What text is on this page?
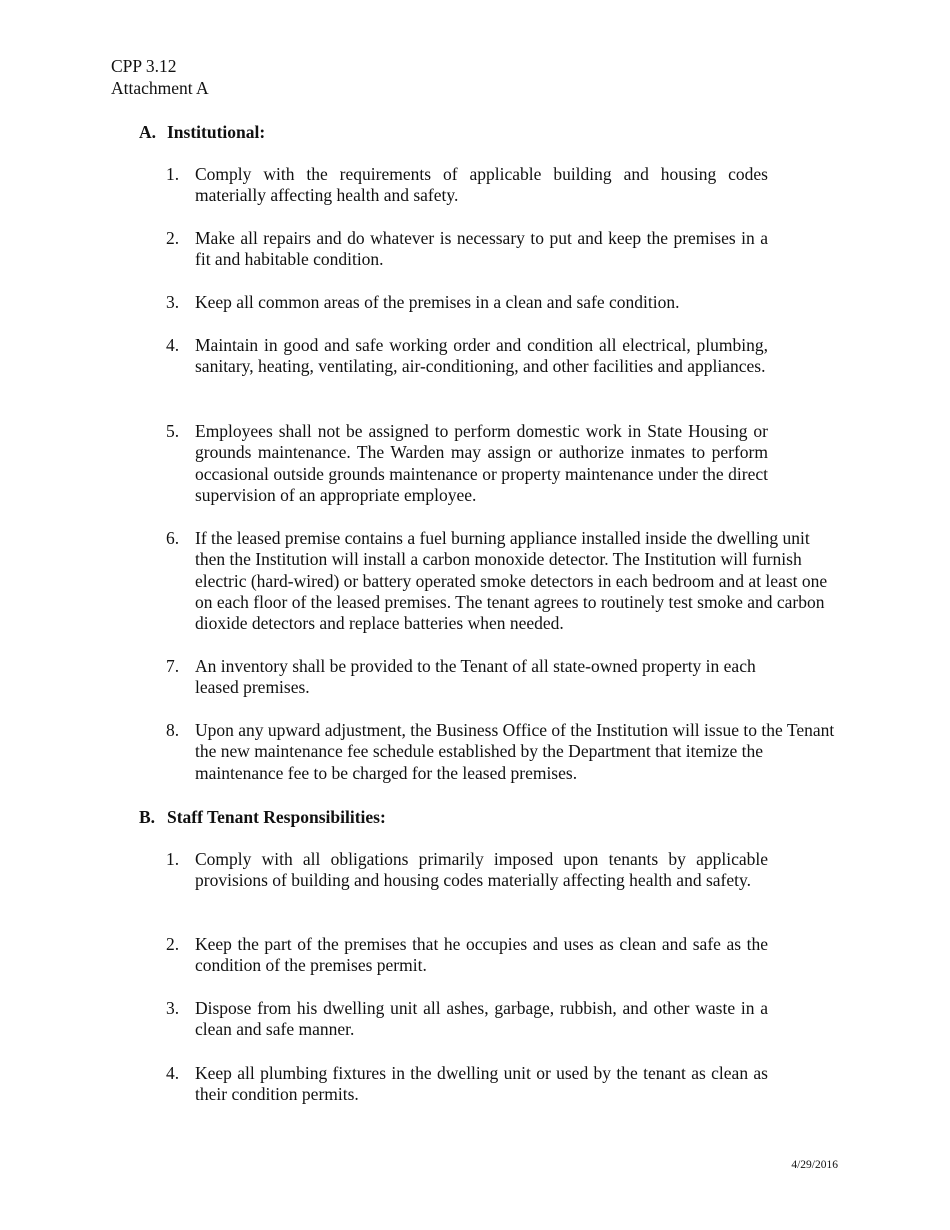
CPP 3.12
Attachment A
A. Institutional:
1. Comply with the requirements of applicable building and housing codes materially affecting health and safety.
2. Make all repairs and do whatever is necessary to put and keep the premises in a fit and habitable condition.
3. Keep all common areas of the premises in a clean and safe condition.
4. Maintain in good and safe working order and condition all electrical, plumbing, sanitary, heating, ventilating, air-conditioning, and other facilities and appliances.
5. Employees shall not be assigned to perform domestic work in State Housing or grounds maintenance. The Warden may assign or authorize inmates to perform occasional outside grounds maintenance or property maintenance under the direct supervision of an appropriate employee.
6. If the leased premise contains a fuel burning appliance installed inside the dwelling unit then the Institution will install a carbon monoxide detector. The Institution will furnish electric (hard-wired) or battery operated smoke detectors in each bedroom and at least one on each floor of the leased premises. The tenant agrees to routinely test smoke and carbon dioxide detectors and replace batteries when needed.
7. An inventory shall be provided to the Tenant of all state-owned property in each leased premises.
8. Upon any upward adjustment, the Business Office of the Institution will issue to the Tenant the new maintenance fee schedule established by the Department that itemize the maintenance fee to be charged for the leased premises.
B. Staff Tenant Responsibilities:
1. Comply with all obligations primarily imposed upon tenants by applicable provisions of building and housing codes materially affecting health and safety.
2. Keep the part of the premises that he occupies and uses as clean and safe as the condition of the premises permit.
3. Dispose from his dwelling unit all ashes, garbage, rubbish, and other waste in a clean and safe manner.
4. Keep all plumbing fixtures in the dwelling unit or used by the tenant as clean as their condition permits.
4/29/2016
